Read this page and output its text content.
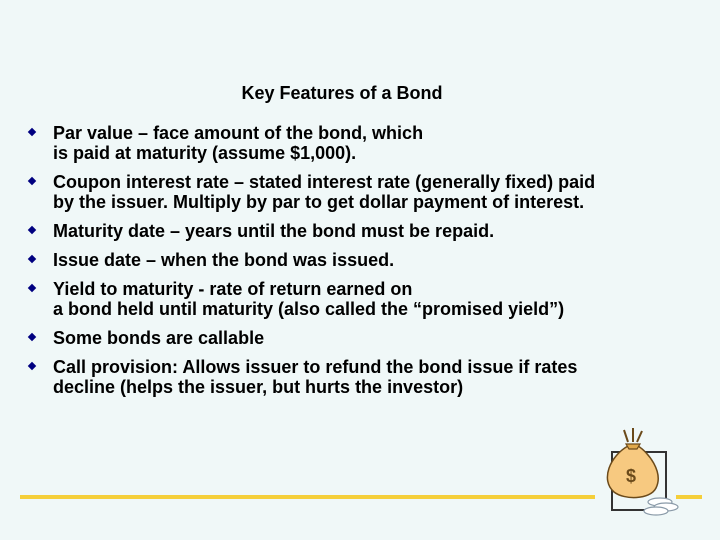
Key Features of a Bond
Par value – face amount of the bond, which
is paid at maturity (assume $1,000).
Coupon interest rate – stated interest rate (generally fixed) paid
by the issuer. Multiply by par to get dollar payment of interest.
Maturity date – years until the bond must be repaid.
Issue date – when the bond was issued.
Yield to maturity - rate of return earned on
a bond held until maturity (also called the “promised yield”)
Some bonds are callable
Call provision: Allows issuer to refund the bond issue if rates
decline (helps the issuer, but hurts the investor)
$
